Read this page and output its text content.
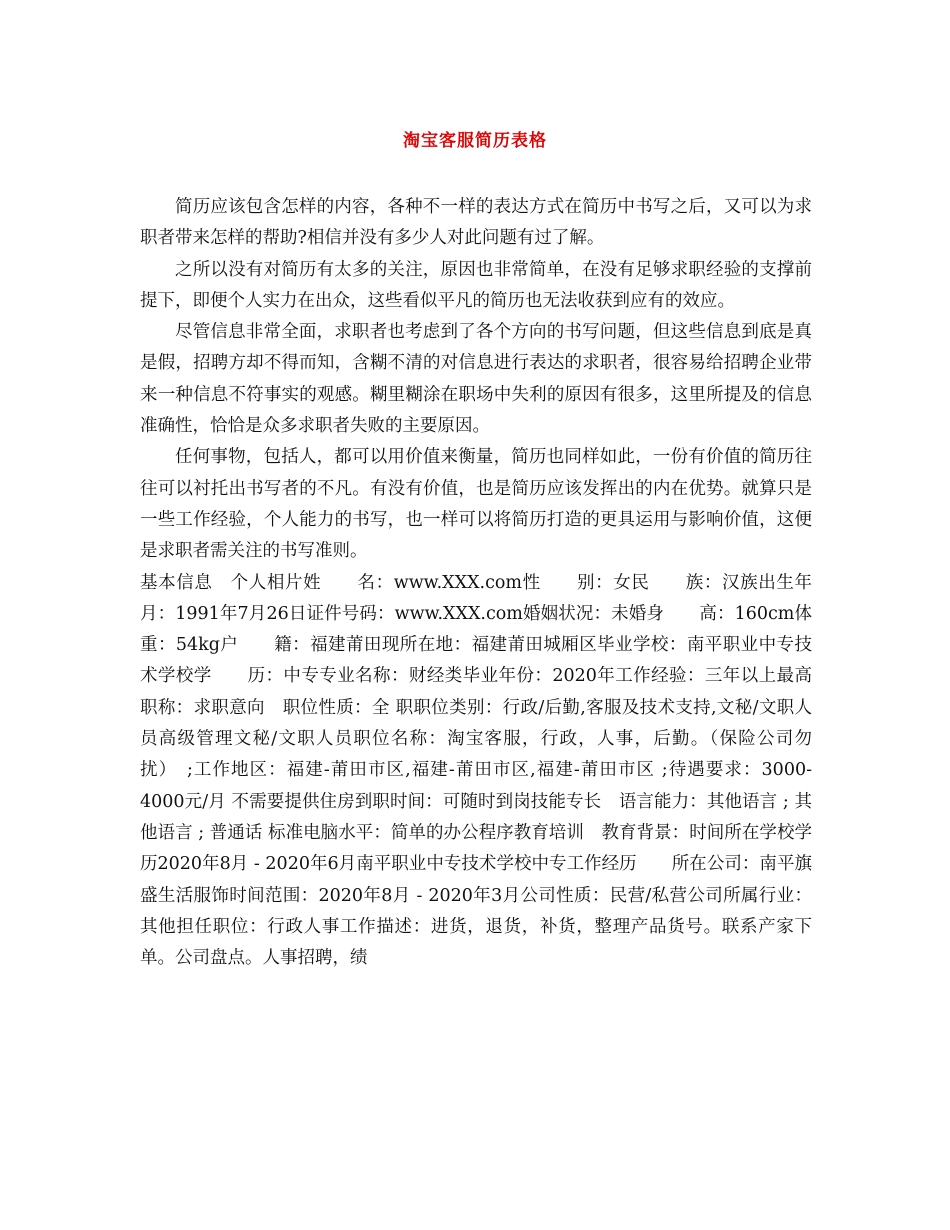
淘宝客服简历表格

简历应该包含怎样的内容，各种不一样的表达方式在简历中书写之后，又可以为求职者带来怎样的帮助?相信并没有多少人对此问题有过了解。

之所以没有对简历有太多的关注，原因也非常简单，在没有足够求职经验的支撑前提下，即便个人实力在出众，这些看似平凡的简历也无法收获到应有的效应。

尽管信息非常全面，求职者也考虑到了各个方向的书写问题，但这些信息到底是真是假，招聘方却不得而知，含糊不清的对信息进行表达的求职者，很容易给招聘企业带来一种信息不符事实的观感。糊里糊涂在职场中失利的原因有很多，这里所提及的信息准确性，恰恰是众多求职者失败的主要原因。

任何事物，包括人，都可以用价值来衡量，简历也同样如此，一份有价值的简历往往可以衬托出书写者的不凡。有没有价值，也是简历应该发挥出的内在优势。就算只是一些工作经验，个人能力的书写，也一样可以将简历打造的更具运用与影响价值，这便是求职者需关注的书写准则。

基本信息　个人相片姓　　名：www.XXX.com性　　别：女民　　族：汉族出生年月：1991年7月26日证件号码：www.XXX.com婚姻状况：未婚身　　高：160cm体重：54kg户　　籍：福建莆田现所在地：福建莆田城厢区毕业学校：南平职业中专技术学校学　　历：中专专业名称：财经类毕业年份：2020年工作经验：三年以上最高职称：求职意向　职位性质：全 职职位类别：行政/后勤,客服及技术支持,文秘/文职人员高级管理文秘/文职人员职位名称：淘宝客服，行政，人事，后勤。（保险公司勿扰）　;工作地区：福建-莆田市区,福建-莆田市区,福建-莆田市区 ;待遇要求：3000-4000元/月 不需要提供住房到职时间：可随时到岗技能专长　语言能力：其他语言 ; 其他语言 ; 普通话 标准电脑水平：简单的办公程序教育培训　教育背景：时间所在学校学历2020年8月 - 2020年6月南平职业中专技术学校中专工作经历　　所在公司：南平旗盛生活服饰时间范围：2020年8月 - 2020年3月公司性质：民营/私营公司所属行业：其他担任职位：行政人事工作描述：进货，退货，补货，整理产品货号。联系产家下单。公司盘点。人事招聘，绩
